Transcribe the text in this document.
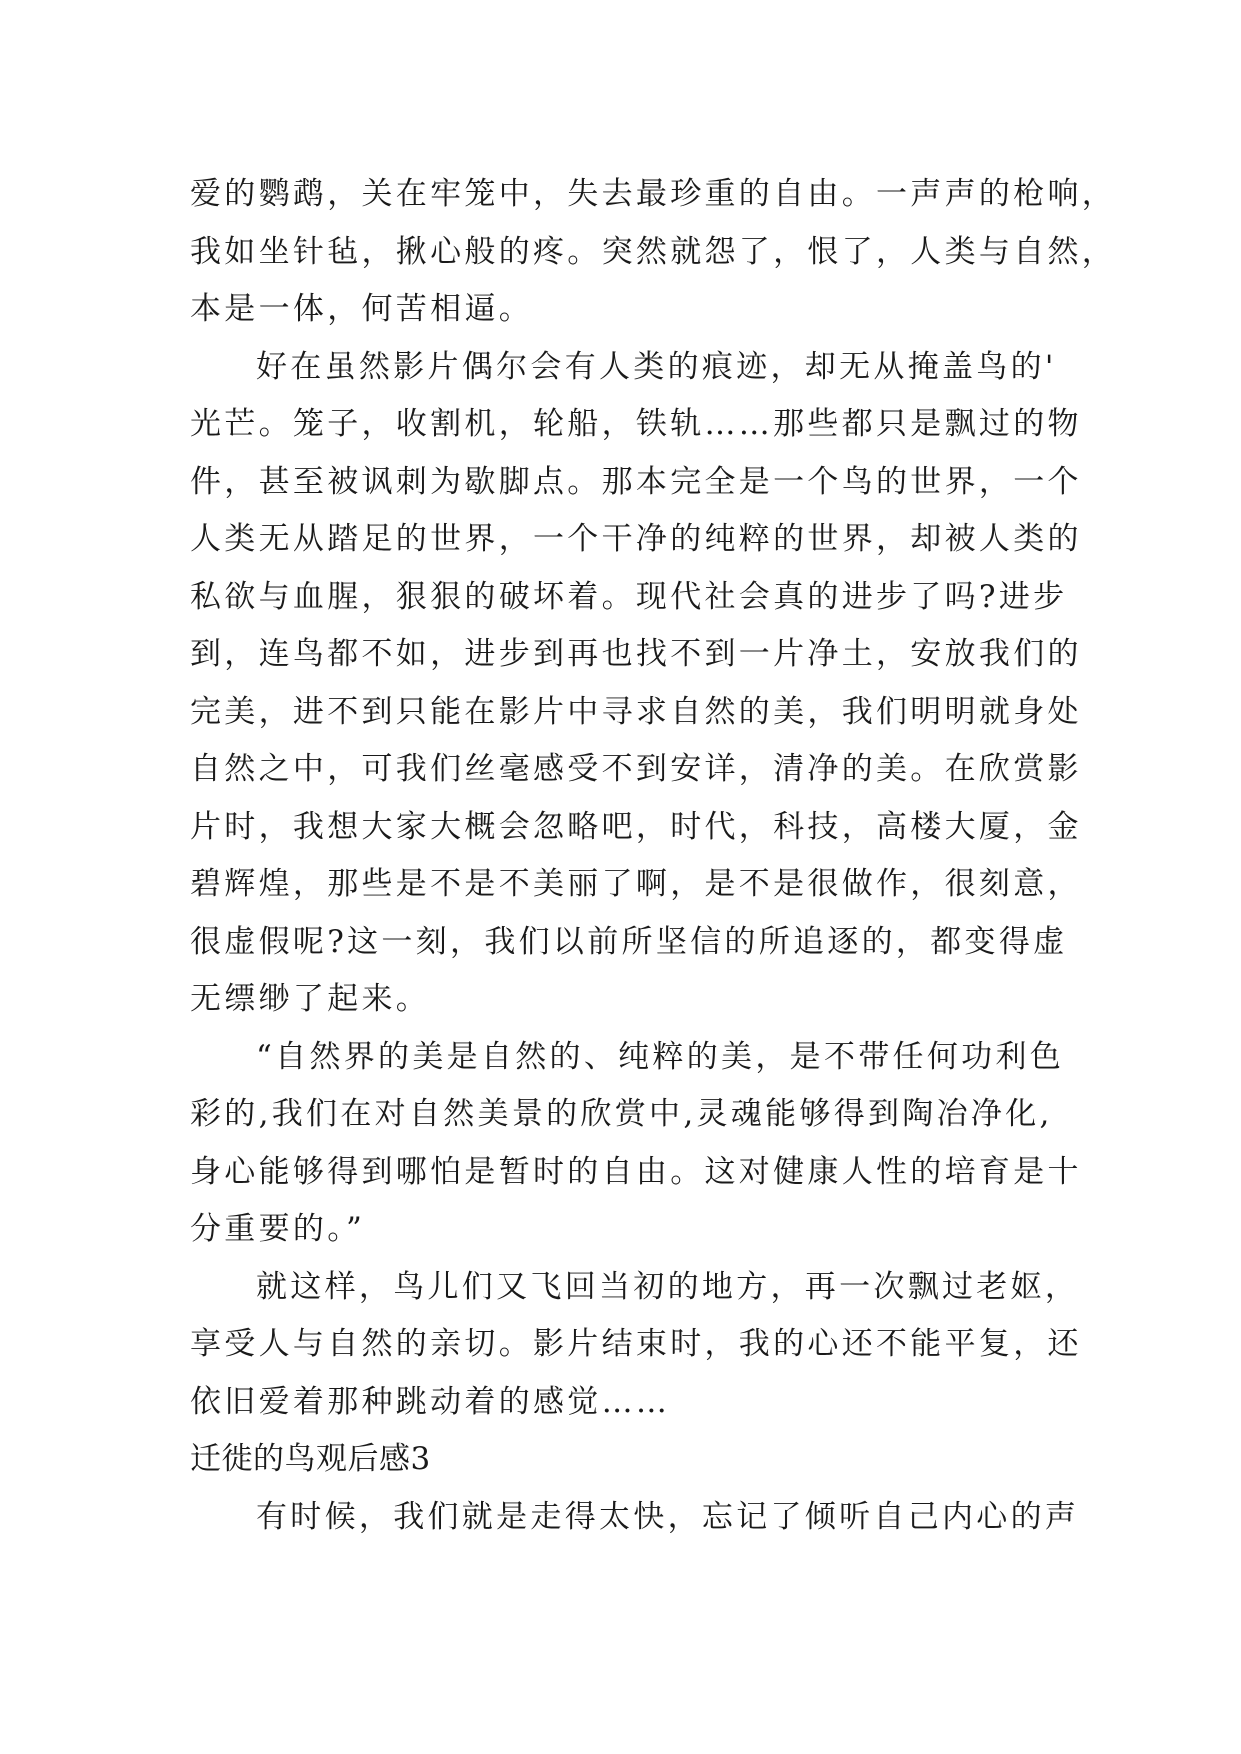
爱的鹦鹉，关在牢笼中，失去最珍重的自由。一声声的枪响，
我如坐针毡，揪心般的疼。突然就怨了，恨了，人类与自然，
本是一体，何苦相逼。
好在虽然影片偶尔会有人类的痕迹，却无从掩盖鸟的'
光芒。笼子，收割机，轮船，铁轨……那些都只是飘过的物
件，甚至被讽刺为歇脚点。那本完全是一个鸟的世界，一个
人类无从踏足的世界，一个干净的纯粹的世界，却被人类的
私欲与血腥，狠狠的破坏着。现代社会真的进步了吗?进步
到，连鸟都不如，进步到再也找不到一片净土，安放我们的
完美，进不到只能在影片中寻求自然的美，我们明明就身处
自然之中，可我们丝毫感受不到安详，清净的美。在欣赏影
片时，我想大家大概会忽略吧，时代，科技，高楼大厦，金
碧辉煌，那些是不是不美丽了啊，是不是很做作，很刻意，
很虚假呢?这一刻，我们以前所坚信的所追逐的，都变得虚
无缥缈了起来。
“自然界的美是自然的、纯粹的美，是不带任何功利色
彩的,我们在对自然美景的欣赏中,灵魂能够得到陶冶净化,
身心能够得到哪怕是暂时的自由。这对健康人性的培育是十
分重要的。”
就这样，鸟儿们又飞回当初的地方，再一次飘过老妪，
享受人与自然的亲切。影片结束时，我的心还不能平复，还
依旧爱着那种跳动着的感觉……
迁徙的鸟观后感3
有时候，我们就是走得太快，忘记了倾听自己内心的声
